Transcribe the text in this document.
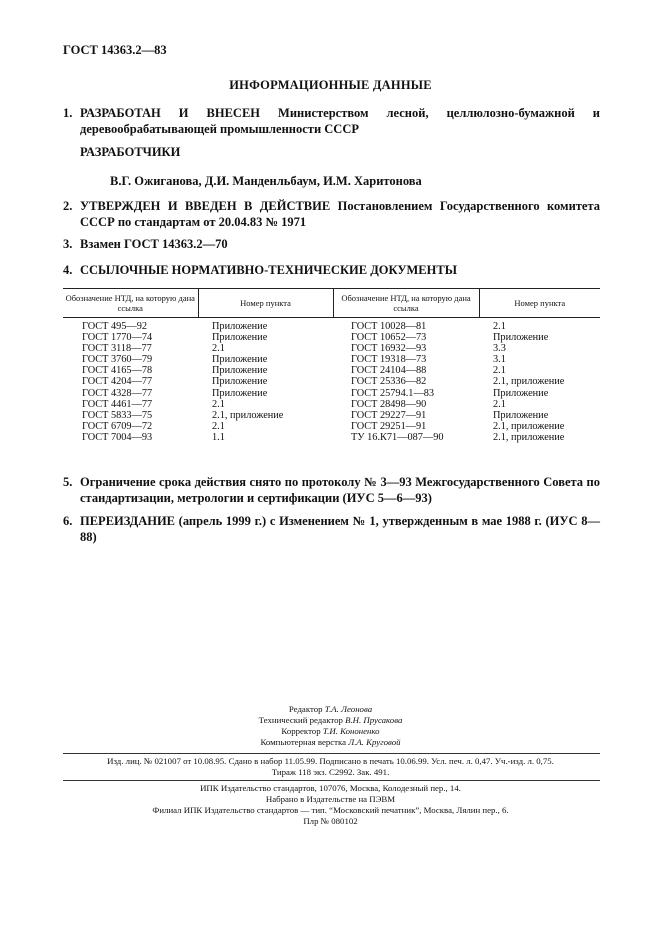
ГОСТ 14363.2—83
ИНФОРМАЦИОННЫЕ ДАННЫЕ
1. РАЗРАБОТАН И ВНЕСЕН Министерством лесной, целлюлозно-бумажной и деревообрабатывающей промышленности СССР
РАЗРАБОТЧИКИ
В.Г. Ожиганова, Д.И. Манденльбаум, И.М. Харитонова
2. УТВЕРЖДЕН И ВВЕДЕН В ДЕЙСТВИЕ Постановлением Государственного комитета СССР по стандартам от 20.04.83 № 1971
3. Взамен ГОСТ 14363.2—70
4. ССЫЛОЧНЫЕ НОРМАТИВНО-ТЕХНИЧЕСКИЕ ДОКУМЕНТЫ
Обозначение НТД, на которую дана ссылка	Номер пункта	Обозначение НТД, на которую дана ссылка	Номер пункта
ГОСТ 495—92	Приложение	ГОСТ 10028—81	2.1
ГОСТ 1770—74	Приложение	ГОСТ 10652—73	Приложение
ГОСТ 3118—77	2.1	ГОСТ 16932—93	3.3
ГОСТ 3760—79	Приложение	ГОСТ 19318—73	3.1
ГОСТ 4165—78	Приложение	ГОСТ 24104—88	2.1
ГОСТ 4204—77	Приложение	ГОСТ 25336—82	2.1, приложение
ГОСТ 4328—77	Приложение	ГОСТ 25794.1—83	Приложение
ГОСТ 4461—77	2.1	ГОСТ 28498—90	2.1
ГОСТ 5833—75	2.1, приложение	ГОСТ 29227—91	Приложение
ГОСТ 6709—72	2.1	ГОСТ 29251—91	2.1, приложение
ГОСТ 7004—93	1.1	ТУ 16.К71—087—90	2.1, приложение
5. Ограничение срока действия снято по протоколу № 3—93 Межгосударственного Совета по стандартизации, метрологии и сертификации (ИУС 5—6—93)
6. ПЕРЕИЗДАНИЕ (апрель 1999 г.) с Изменением № 1, утвержденным в мае 1988 г. (ИУС 8—88)
Редактор Т.А. Леонова
Технический редактор В.Н. Прусакова
Корректор Т.И. Кононенко
Компьютерная верстка Л.А. Круговой
Изд. лиц. № 021007 от 10.08.95. Сдано в набор 11.05.99. Подписано в печать 10.06.99. Усл. печ. л. 0,47. Уч.-изд. л. 0,75.
Тираж 118 экз. С2992. Зак. 491.
ИПК Издательство стандартов, 107076, Москва, Колодезный пер., 14.
Набрано в Издательстве на ПЭВМ
Филиал ИПК Издательство стандартов — тип. “Московский печатник”, Москва, Лялин пер., 6.
Плр № 080102
